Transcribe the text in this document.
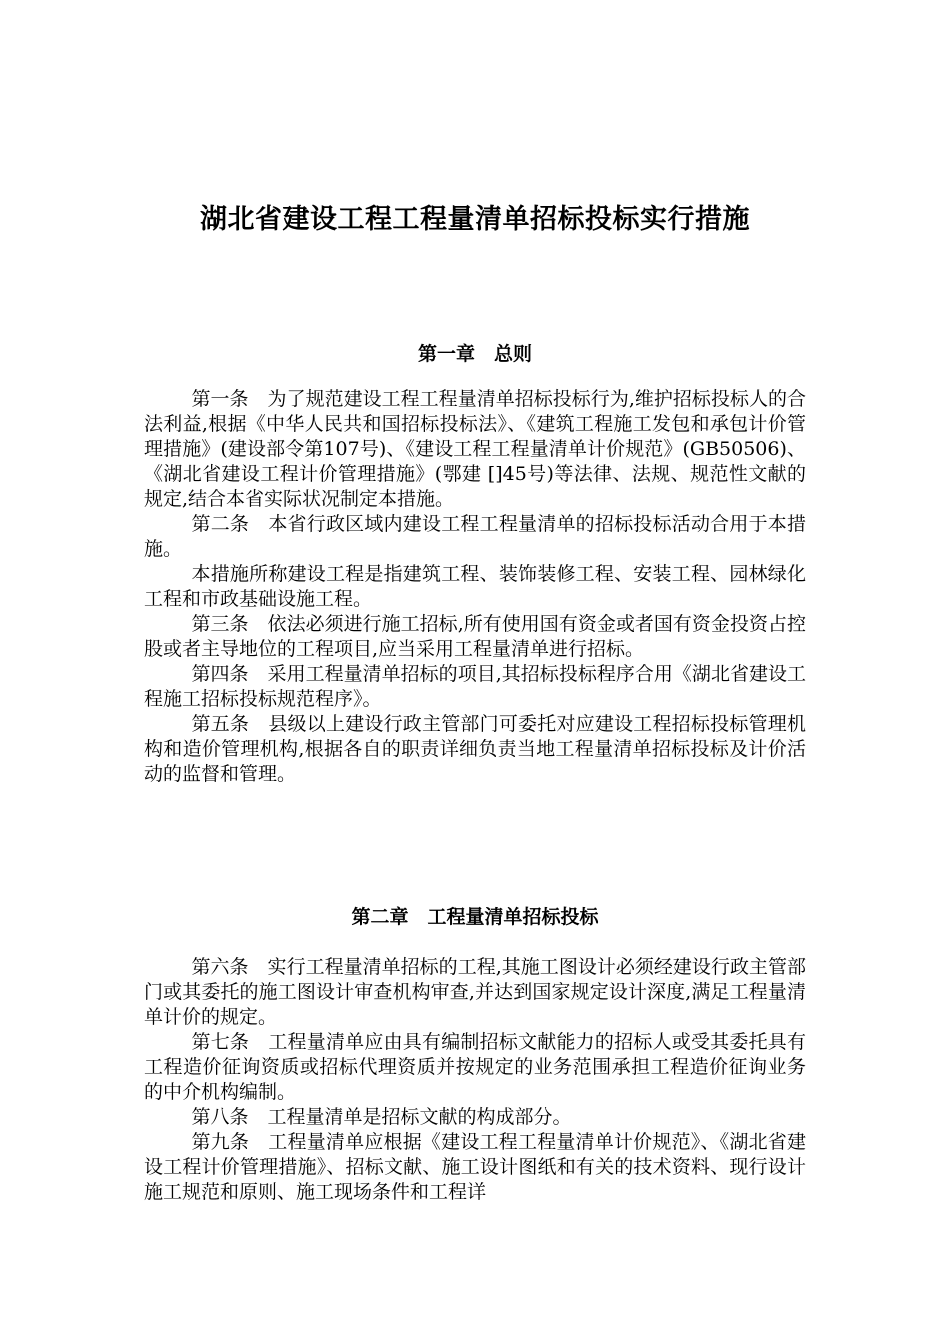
湖北省建设工程工程量清单招标投标实行措施
第一章　总则

第一条　为了规范建设工程工程量清单招标投标行为,维护招标投标人的合法利益,根据《中华人民共和国招标投标法》、《建筑工程施工发包和承包计价管理措施》(建设部令第107号)、《建设工程工程量清单计价规范》(GB50506)、《湖北省建设工程计价管理措施》(鄂建 []45号)等法律、法规、规范性文献的规定,结合本省实际状况制定本措施。

第二条　本省行政区域内建设工程工程量清单的招标投标活动合用于本措施。

本措施所称建设工程是指建筑工程、装饰装修工程、安装工程、园林绿化工程和市政基础设施工程。

第三条　依法必须进行施工招标,所有使用国有资金或者国有资金投资占控股或者主导地位的工程项目,应当采用工程量清单进行招标。

第四条　采用工程量清单招标的项目,其招标投标程序合用《湖北省建设工程施工招标投标规范程序》。

第五条　县级以上建设行政主管部门可委托对应建设工程招标投标管理机构和造价管理机构,根据各自的职责详细负责当地工程量清单招标投标及计价活动的监督和管理。

第二章　工程量清单招标投标

第六条　实行工程量清单招标的工程,其施工图设计必须经建设行政主管部门或其委托的施工图设计审查机构审查,并达到国家规定设计深度,满足工程量清单计价的规定。

第七条　工程量清单应由具有编制招标文献能力的招标人或受其委托具有工程造价征询资质或招标代理资质并按规定的业务范围承担工程造价征询业务的中介机构编制。

第八条　工程量清单是招标文献的构成部分。

第九条　工程量清单应根据《建设工程工程量清单计价规范》、《湖北省建设工程计价管理措施》、招标文献、施工设计图纸和有关的技术资料、现行设计施工规范和原则、施工现场条件和工程详
